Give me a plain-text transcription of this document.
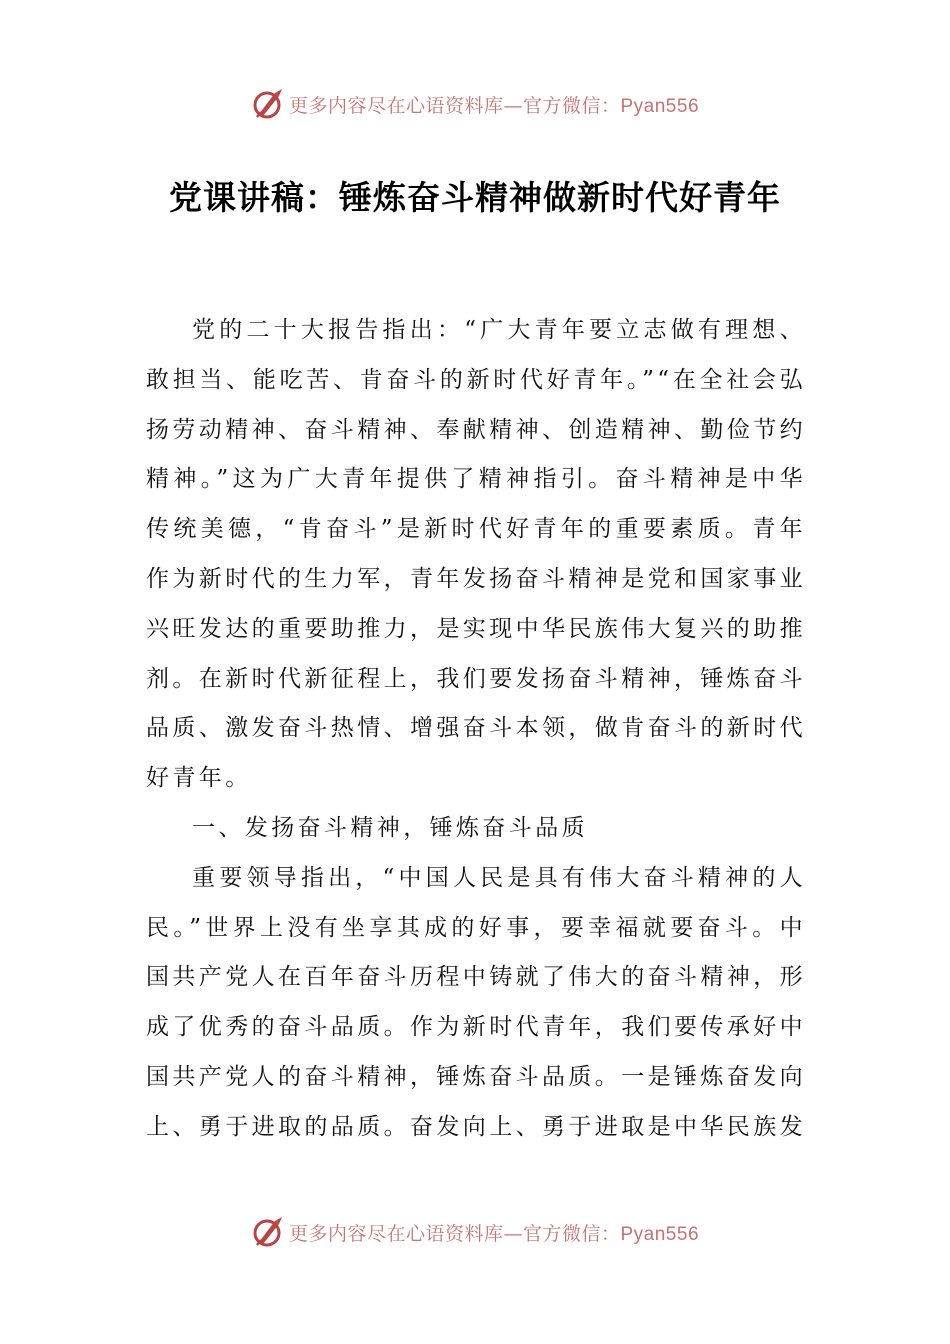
更多内容尽在心语资料库—官方微信：Pyan556
党课讲稿：锤炼奋斗精神做新时代好青年

党的二十大报告指出：“广大青年要立志做有理想、敢担当、能吃苦、肯奋斗的新时代好青年。”“在全社会弘扬劳动精神、奋斗精神、奉献精神、创造精神、勤俭节约精神。”这为广大青年提供了精神指引。奋斗精神是中华传统美德，“肯奋斗”是新时代好青年的重要素质。青年作为新时代的生力军，青年发扬奋斗精神是党和国家事业兴旺发达的重要助推力，是实现中华民族伟大复兴的助推剂。在新时代新征程上，我们要发扬奋斗精神，锤炼奋斗品质、激发奋斗热情、增强奋斗本领，做肯奋斗的新时代好青年。

一、发扬奋斗精神，锤炼奋斗品质

重要领导指出，“中国人民是具有伟大奋斗精神的人民。”世界上没有坐享其成的好事，要幸福就要奋斗。中国共产党人在百年奋斗历程中铸就了伟大的奋斗精神，形成了优秀的奋斗品质。作为新时代青年，我们要传承好中国共产党人的奋斗精神，锤炼奋斗品质。一是锤炼奋发向上、勇于进取的品质。奋发向上、勇于进取是中华民族发

更多内容尽在心语资料库—官方微信：Pyan556
